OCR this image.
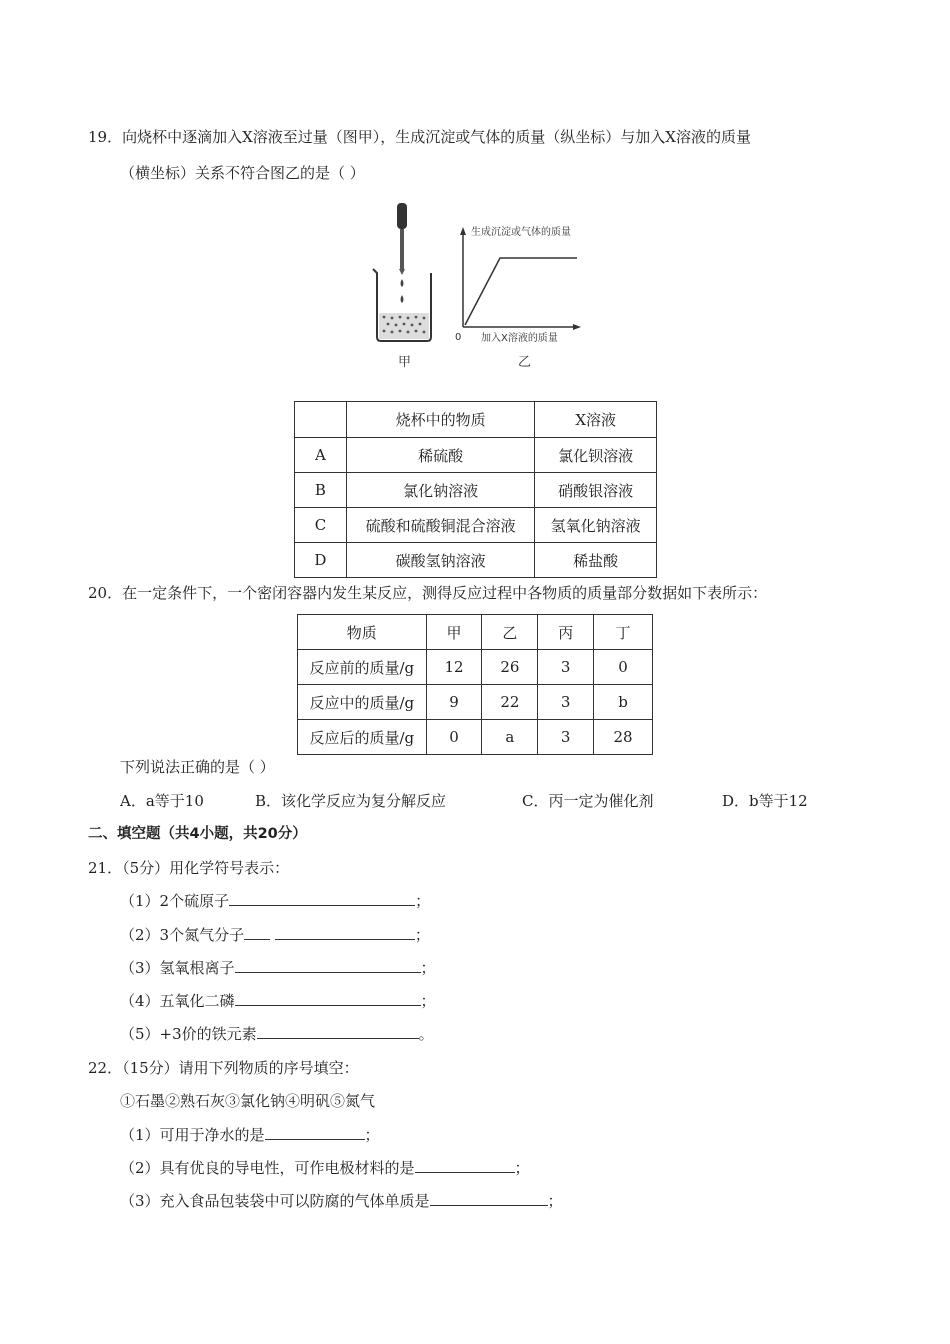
19．向烧杯中逐滴加入X溶液至过量（图甲），生成沉淀或气体的质量（纵坐标）与加入X溶液的质量
（横坐标）关系不符合图乙的是（ ）
甲
生成沉淀或气体的质量
0 加入X溶液的质量
乙
	烧杯中的物质	X溶液
A	稀硫酸	氯化钡溶液
B	氯化钠溶液	硝酸银溶液
C	硫酸和硫酸铜混合溶液	氢氧化钠溶液
D	碳酸氢钠溶液	稀盐酸
20．在一定条件下，一个密闭容器内发生某反应，测得反应过程中各物质的质量部分数据如下表所示：
物质	甲	乙	丙	丁
反应前的质量/g	12	26	3	0
反应中的质量/g	9	22	3	b
反应后的质量/g	0	a	3	28
下列说法正确的是（ ）
A．a等于10	B．该化学反应为复分解反应	C．丙一定为催化剂	D．b等于12
二、填空题（共4小题，共20分）
21．（5分）用化学符号表示：
（1）2个硫原子	；
（2）3个氮气分子	；
（3）氢氧根离子	；
（4）五氧化二磷	；
（5）+3价的铁元素	。
22．（15分）请用下列物质的序号填空：
①石墨②熟石灰③氯化钠④明矾⑤氮气
（1）可用于净水的是	；
（2）具有优良的导电性，可作电极材料的是	；
（3）充入食品包装袋中可以防腐的气体单质是	；
